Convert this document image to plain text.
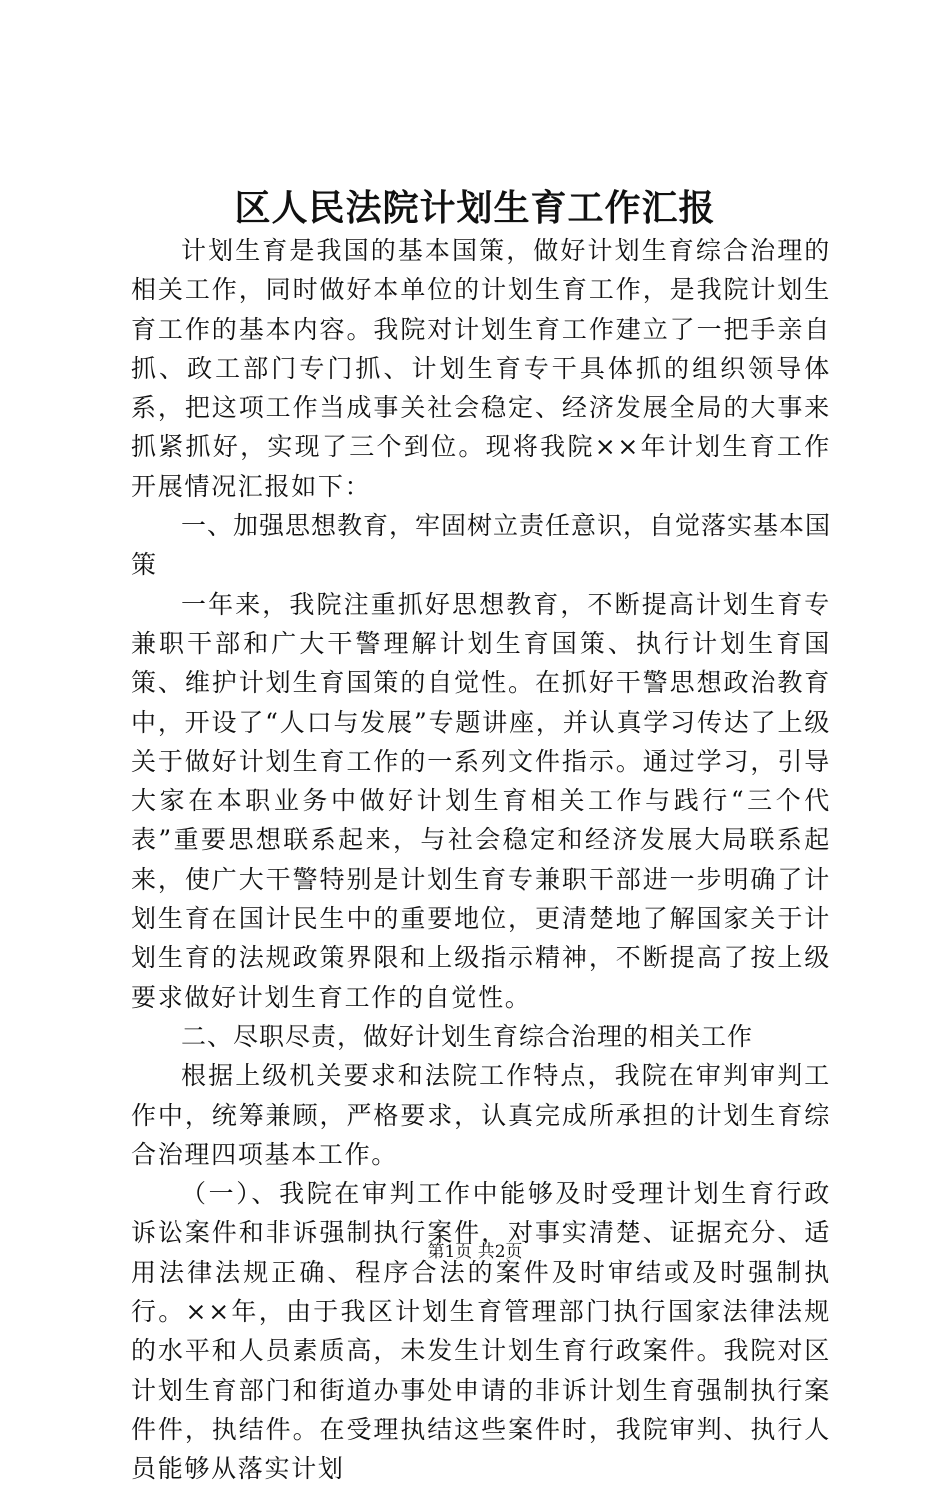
区人民法院计划生育工作汇报

计划生育是我国的基本国策，做好计划生育综合治理的相关工作，同时做好本单位的计划生育工作，是我院计划生育工作的基本内容。我院对计划生育工作建立了一把手亲自抓、政工部门专门抓、计划生育专干具体抓的组织领导体系，把这项工作当成事关社会稳定、经济发展全局的大事来抓紧抓好，实现了三个到位。现将我院××年计划生育工作开展情况汇报如下：

一、加强思想教育，牢固树立责任意识，自觉落实基本国策

一年来，我院注重抓好思想教育，不断提高计划生育专兼职干部和广大干警理解计划生育国策、执行计划生育国策、维护计划生育国策的自觉性。在抓好干警思想政治教育中，开设了“人口与发展”专题讲座，并认真学习传达了上级关于做好计划生育工作的一系列文件指示。通过学习，引导大家在本职业务中做好计划生育相关工作与践行“三个代表”重要思想联系起来，与社会稳定和经济发展大局联系起来，使广大干警特别是计划生育专兼职干部进一步明确了计划生育在国计民生中的重要地位，更清楚地了解国家关于计划生育的法规政策界限和上级指示精神，不断提高了按上级要求做好计划生育工作的自觉性。

二、尽职尽责，做好计划生育综合治理的相关工作

根据上级机关要求和法院工作特点，我院在审判审判工作中，统筹兼顾，严格要求，认真完成所承担的计划生育综合治理四项基本工作。

（一）、我院在审判工作中能够及时受理计划生育行政诉讼案件和非诉强制执行案件，对事实清楚、证据充分、适用法律法规正确、程序合法的案件及时审结或及时强制执行。××年，由于我区计划生育管理部门执行国家法律法规的水平和人员素质高，未发生计划生育行政案件。我院对区计划生育部门和街道办事处申请的非诉计划生育强制执行案件件，执结件。在受理执结这些案件时，我院审判、执行人员能够从落实计划

第1页 共2页
